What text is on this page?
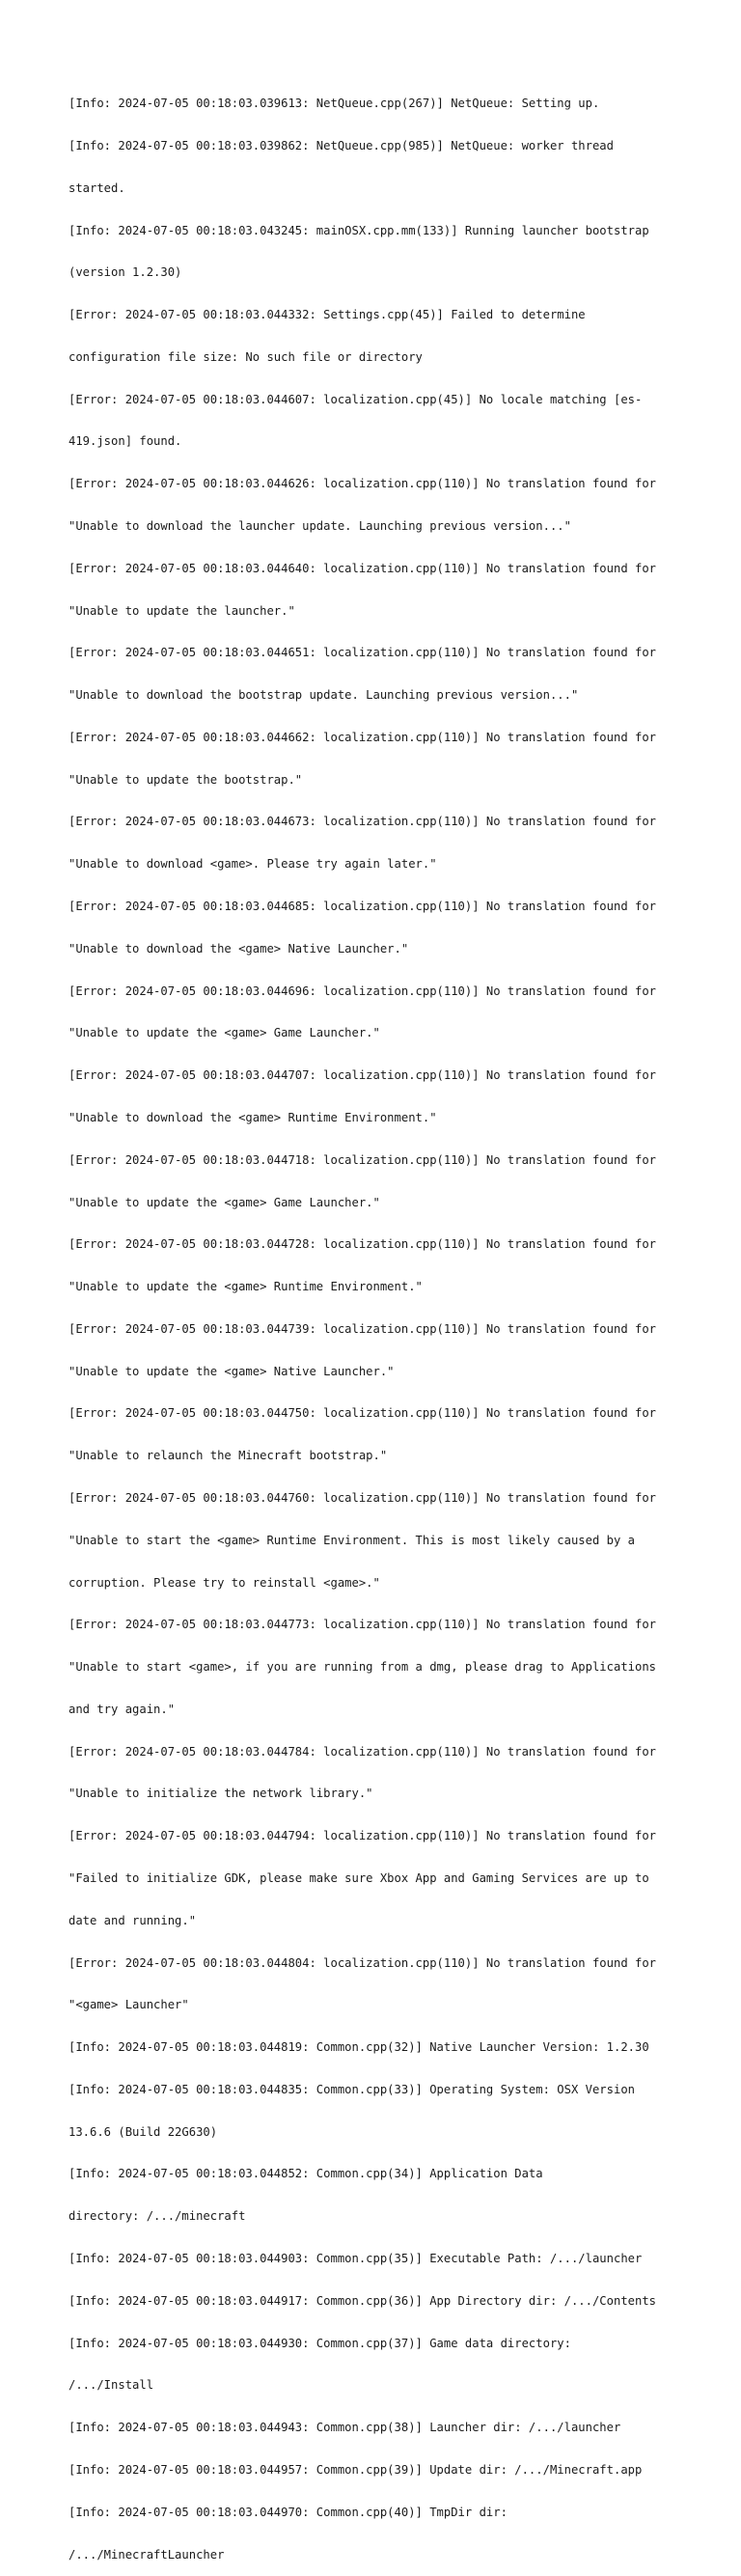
[Info: 2024-07-05 00:18:03.039613: NetQueue.cpp(267)] NetQueue: Setting up.

[Info: 2024-07-05 00:18:03.039862: NetQueue.cpp(985)] NetQueue: worker thread

started.

[Info: 2024-07-05 00:18:03.043245: mainOSX.cpp.mm(133)] Running launcher bootstrap

(version 1.2.30)

[Error: 2024-07-05 00:18:03.044332: Settings.cpp(45)] Failed to determine

configuration file size: No such file or directory

[Error: 2024-07-05 00:18:03.044607: localization.cpp(45)] No locale matching [es-

419.json] found.

[Error: 2024-07-05 00:18:03.044626: localization.cpp(110)] No translation found for

"Unable to download the launcher update. Launching previous version..."

[Error: 2024-07-05 00:18:03.044640: localization.cpp(110)] No translation found for

"Unable to update the launcher."

[Error: 2024-07-05 00:18:03.044651: localization.cpp(110)] No translation found for

"Unable to download the bootstrap update. Launching previous version..."

[Error: 2024-07-05 00:18:03.044662: localization.cpp(110)] No translation found for

"Unable to update the bootstrap."

[Error: 2024-07-05 00:18:03.044673: localization.cpp(110)] No translation found for

"Unable to download <game>. Please try again later."

[Error: 2024-07-05 00:18:03.044685: localization.cpp(110)] No translation found for

"Unable to download the <game> Native Launcher."

[Error: 2024-07-05 00:18:03.044696: localization.cpp(110)] No translation found for

"Unable to update the <game> Game Launcher."

[Error: 2024-07-05 00:18:03.044707: localization.cpp(110)] No translation found for

"Unable to download the <game> Runtime Environment."

[Error: 2024-07-05 00:18:03.044718: localization.cpp(110)] No translation found for

"Unable to update the <game> Game Launcher."

[Error: 2024-07-05 00:18:03.044728: localization.cpp(110)] No translation found for

"Unable to update the <game> Runtime Environment."

[Error: 2024-07-05 00:18:03.044739: localization.cpp(110)] No translation found for

"Unable to update the <game> Native Launcher."

[Error: 2024-07-05 00:18:03.044750: localization.cpp(110)] No translation found for

"Unable to relaunch the Minecraft bootstrap."

[Error: 2024-07-05 00:18:03.044760: localization.cpp(110)] No translation found for

"Unable to start the <game> Runtime Environment. This is most likely caused by a

corruption. Please try to reinstall <game>."

[Error: 2024-07-05 00:18:03.044773: localization.cpp(110)] No translation found for

"Unable to start <game>, if you are running from a dmg, please drag to Applications

and try again."

[Error: 2024-07-05 00:18:03.044784: localization.cpp(110)] No translation found for

"Unable to initialize the network library."

[Error: 2024-07-05 00:18:03.044794: localization.cpp(110)] No translation found for

"Failed to initialize GDK, please make sure Xbox App and Gaming Services are up to

date and running."

[Error: 2024-07-05 00:18:03.044804: localization.cpp(110)] No translation found for

"<game> Launcher"

[Info: 2024-07-05 00:18:03.044819: Common.cpp(32)] Native Launcher Version: 1.2.30

[Info: 2024-07-05 00:18:03.044835: Common.cpp(33)] Operating System: OSX Version

13.6.6 (Build 22G630)

[Info: 2024-07-05 00:18:03.044852: Common.cpp(34)] Application Data

directory: /.../minecraft

[Info: 2024-07-05 00:18:03.044903: Common.cpp(35)] Executable Path: /.../launcher

[Info: 2024-07-05 00:18:03.044917: Common.cpp(36)] App Directory dir: /.../Contents

[Info: 2024-07-05 00:18:03.044930: Common.cpp(37)] Game data directory:

/.../Install

[Info: 2024-07-05 00:18:03.044943: Common.cpp(38)] Launcher dir: /.../launcher

[Info: 2024-07-05 00:18:03.044957: Common.cpp(39)] Update dir: /.../Minecraft.app

[Info: 2024-07-05 00:18:03.044970: Common.cpp(40)] TmpDir dir:

/.../MinecraftLauncher
